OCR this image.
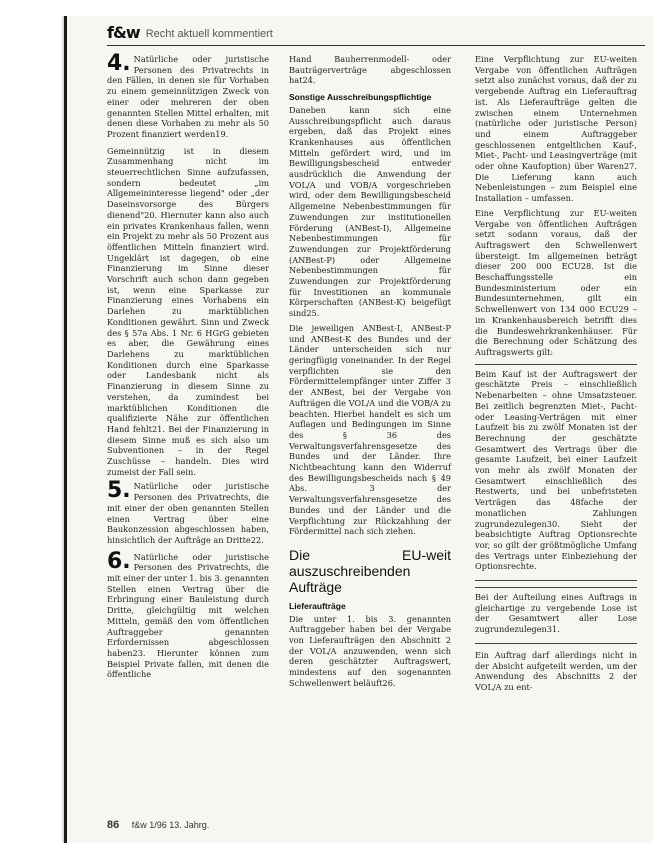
f&w Recht aktuell kommentiert
4. Natürliche oder juristische Personen des Privatrechts in den Fällen, in denen sie für Vorhaben zu einem gemeinnützigen Zweck von einer oder mehreren der oben genannten Stellen Mittel erhalten, mit denen diese Vorhaben zu mehr als 50 Prozent finanziert werden19.

Gemeinnützig ist in diesem Zusammenhang nicht im steuerrechtlichen Sinne aufzufassen, sondern bedeutet „im Allgemeininteresse liegend" oder „der Daseinsvorsorge des Bürgers dienend"20. Hiernuter kann also auch ein privates Krankenhaus fallen, wenn ein Projekt zu mehr als 50 Prozent aus öffentlichen Mitteln finanziert wird. Ungeklärt ist dagegen, ob eine Finanzierung im Sinne dieser Vorschrift auch schon dann gegeben ist, wenn eine Sparkasse zur Finanzierung eines Vorhabens ein Darlehen zu marktüblichen Konditionen gewährt. Sinn und Zweck des § 57a Abs. 1 Nr. 6 HGrG gebieten es aber, die Gewährung eines Darlehens zu marktüblichen Konditionen durch eine Sparkasse oder Landesbank nicht als Finanzierung in diesem Sinne zu verstehen, da zumindest bei marktüblichen Konditionen die qualifizierte Nähe zur öffentlichen Hand fehlt21. Bei der Finanzierung in diesem Sinne muß es sich also um Subventionen – in der Regel Zuschüsse – handeln. Dies wird zumeist der Fall sein.

5. Natürliche oder juristische Personen des Privatrechts, die mit einer der oben genannten Stellen einen Vertrag über eine Baukonzession abgeschlossen haben, hinsichtlich der Aufträge an Dritte22.

6. Natürliche oder juristische Personen des Privatrechts, die mit einer der unter 1. bis 3. genannten Stellen einen Vertrag über die Erbringung einer Bauleistung durch Dritte, gleichgültig mit welchen Mitteln, gemäß den vom öffentlichen Auftraggeber genannten Erfordernissen abgeschlossen haben23. Hierunter können zum Beispiel Private fallen, mit denen die öffentliche

Hand Bauherrenmodell- oder Bauträgerverträge abgeschlossen hat24.

Sonstige Ausschreibungspflichtige

Daneben kann sich eine Ausschreibungspflicht auch daraus ergeben, daß das Projekt eines Krankenhauses aus öffentlichen Mitteln gefördert wird, und im Bewilligungsbescheid entweder ausdrücklich die Anwendung der VOL/A und VOB/A vorgeschrieben wird, oder dem Bewilligungsbescheid Allgemeine Nebenbestimmungen für Zuwendungen zur institutionellen Förderung (ANBest-I), Allgemeine Nebenbestimmungen für Zuwendungen zur Projektförderung (ANBest-P) oder Allgemeine Nebenbestimmungen für Zuwendungen zur Projektförderung für Investitionen an kommunale Körperschaften (ANBest-K) beigefügt sind25.

Die jeweiligen ANBest-I, ANBest-P und ANBest-K des Bundes und der Länder unterscheiden sich nur geringfügig voneinander. In der Regel verpflichten sie den Fördermittelempfänger unter Ziffer 3 der ANBest, bei der Vergabe von Aufträgen die VOL/A und die VOB/A zu beachten. Hierbei handelt es sich um Auflagen und Bedingungen im Sinne des § 36 des Verwaltungsverfahrensgesetze des Bundes und der Länder. Ihre Nichtbeachtung kann den Widerruf des Bewilligungsbescheids nach § 49 Abs. 3 der Verwaltungsverfahrensgesetze des Bundes und der Länder und die Verpflichtung zur Rückzahlung der Fördermittel nach sich ziehen.

Die EU-weit auszuschreibenden Aufträge
Lieferaufträge

Die unter 1. bis 3. genannten Auftraggeber haben bei der Vergabe von Lieferaufträgen den Abschnitt 2 der VOL/A anzuwenden, wenn sich deren geschätzter Auftragswert, mindestens auf den sogenannten Schwellenwert beläuft26.

Eine Verpflichtung zur EU-weiten Vergabe von öffentlichen Aufträgen setzt also zunächst voraus, daß der zu vergebende Auftrag ein Lieferauftrag ist. Als Lieferaufträge gelten die zwischen einem Unternehmen (natürliche oder juristische Person) und einem Auftraggeber geschlossenen entgeltlichen Kauf-, Miet-, Pacht- und Leasingverträge (mit oder ohne Kaufoption) über Waren27. Die Lieferung kann auch Nebenleistungen – zum Beispiel eine Installation – umfassen.

Eine Verpflichtung zur EU-weiten Vergabe von öffentlichen Aufträgen setzt sodann voraus, daß der Auftragswert den Schwellenwert übersteigt. Im allgemeinen beträgt dieser 200 000 ECU28. Ist die Beschaffungsstelle ein Bundesministerium oder ein Bundesunternehmen, gilt ein Schwellenwert von 134 000 ECU29 – im Krankenhausbereich betrifft dies die Bundeswehrkrankenhäuser. Für die Berechnung oder Schätzung des Auftragswerts gilt:

Beim Kauf ist der Auftragswert der geschätzte Preis – einschließlich Nebenarbeiten – ohne Umsatzsteuer. Bei zeitlich begrenzten Miet-, Pacht- oder Leasing-Verträgen mit einer Laufzeit bis zu zwölf Monaten ist der Berechnung der geschätzte Gesamtwert des Vertrags über die gesamte Laufzeit, bei einer Laufzeit von mehr als zwölf Monaten der Gesamtwert einschließlich des Restwerts, und bei unbefristeten Verträgen das 48fache der monatlichen Zahlungen zugrundezulegen30. Sieht der beabsichtigte Auftrag Optionsrechte vor, so gilt der größtmögliche Umfang des Vertrags unter Einbeziehung der Optionsrechte.

Bei der Aufteilung eines Auftrags in gleichartige zu vergebende Lose ist der Gesamtwert aller Lose zugrundezulegen31.

Ein Auftrag darf allerdings nicht in der Absicht aufgeteilt werden, um der Anwendung des Abschnitts 2 der VOL/A zu ent-

86 f&w 1/96 13. Jahrg.
